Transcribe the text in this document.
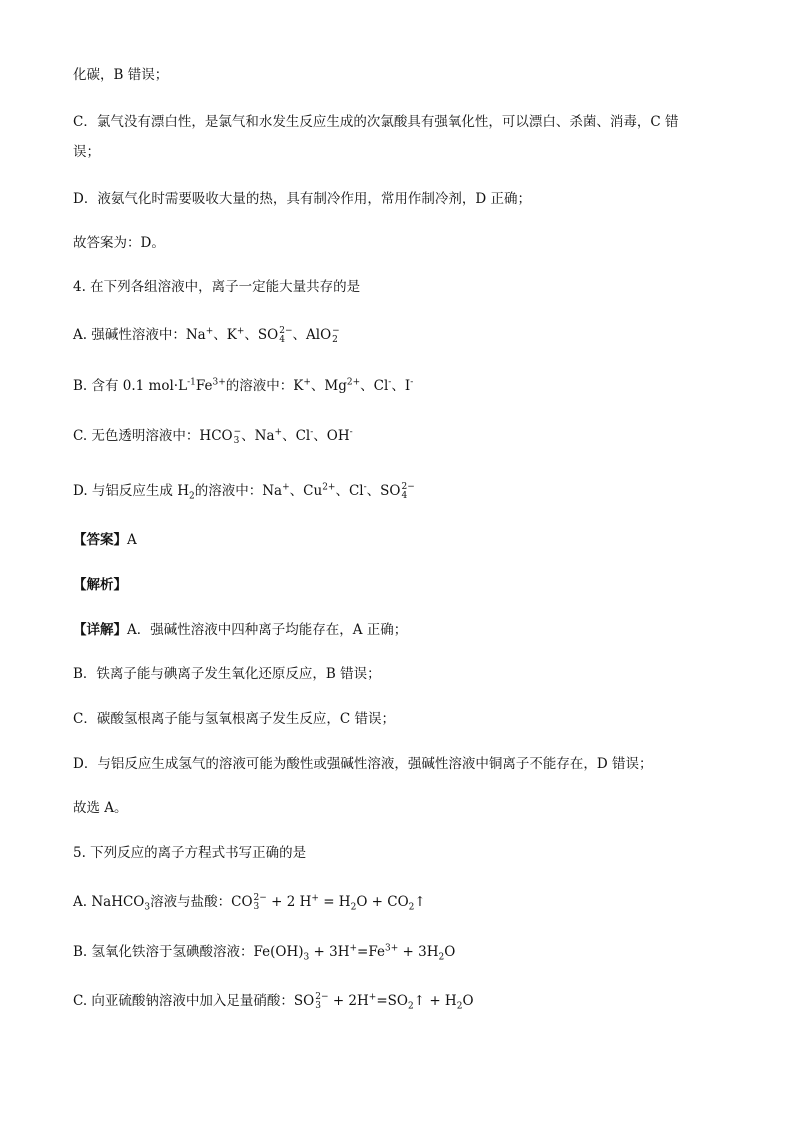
化碳，B 错误；
C．氯气没有漂白性，是氯气和水发生反应生成的次氯酸具有强氧化性，可以漂白、杀菌、消毒，C 错
误；
D．液氨气化时需要吸收大量的热，具有制冷作用，常用作制冷剂，D 正确；
故答案为：D。
4. 在下列各组溶液中，离子一定能大量共存的是
A. 强碱性溶液中：Na+、K+、SO 2−
4 、AlO −
2
B. 含有 0.1 $mol\cdot L^{-1}Fe^{3+}$的溶液中：K+、$Mg^{2+}$、Cl-、I-
C. 无色透明溶液中：HCO −
3 、Na+、Cl-、OH-
D. 与铝反应生成 $H_2$的溶液中：Na+、$Cu^{2+}$、Cl-、SO 2−
4
【答案】A
【解析】
【详解】A．强碱性溶液中四种离子均能存在，A 正确；
B．铁离子能与碘离子发生氧化还原反应，B 错误；
C．碳酸氢根离子能与氢氧根离子发生反应，C 错误；
D．与铝反应生成氢气的溶液可能为酸性或强碱性溶液，强碱性溶液中铜离子不能存在，D 错误；
故选 A。
5. 下列反应的离子方程式书写正确的是
A. NaHCO$_3$溶液与盐酸：CO 2−
3 + 2 $H^+ = H_2O$ + $CO_2↑$
B. 氢氧化铁溶于氢碘酸溶液：$Fe(OH)_3 + 3H^+=Fe^{3+} + 3H_2O$
C. 向亚硫酸钠溶液中加入足量硝酸：SO 2−
$3 + 2H^+=SO_2↑ + H_2O$
